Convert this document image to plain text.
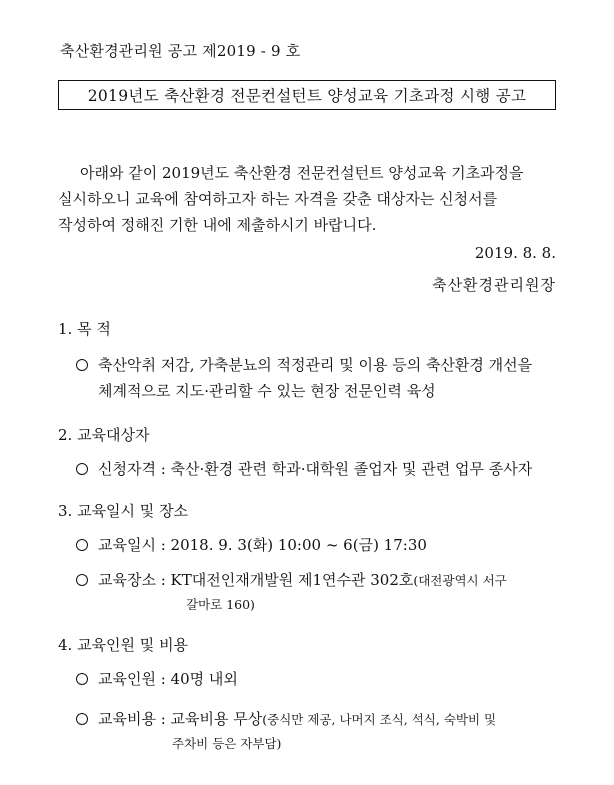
축산환경관리원 공고 제2019 - 9 호
2019년도 축산환경 전문컨설턴트 양성교육 기초과정 시행 공고
아래와 같이 2019년도 축산환경 전문컨설턴트 양성교육 기초과정을
실시하오니 교육에 참여하고자 하는 자격을 갖춘 대상자는 신청서를
작성하여 정해진 기한 내에 제출하시기 바랍니다.
2019. 8. 8.
축산환경관리원장
1. 목 적
축산악취 저감, 가축분뇨의 적정관리 및 이용 등의 축산환경 개선을
체계적으로 지도·관리할 수 있는 현장 전문인력 육성
2. 교육대상자
신청자격 : 축산·환경 관련 학과·대학원 졸업자 및 관련 업무 종사자
3. 교육일시 및 장소
교육일시 : 2018. 9. 3(화) 10:00 ~ 6(금) 17:30
교육장소 : KT대전인재개발원 제1연수관 302호(대전광역시 서구
갈마로 160)
4. 교육인원 및 비용
교육인원 : 40명 내외
교육비용 : 교육비용 무상(중식만 제공, 나머지 조식, 석식, 숙박비 및
주차비 등은 자부담)
